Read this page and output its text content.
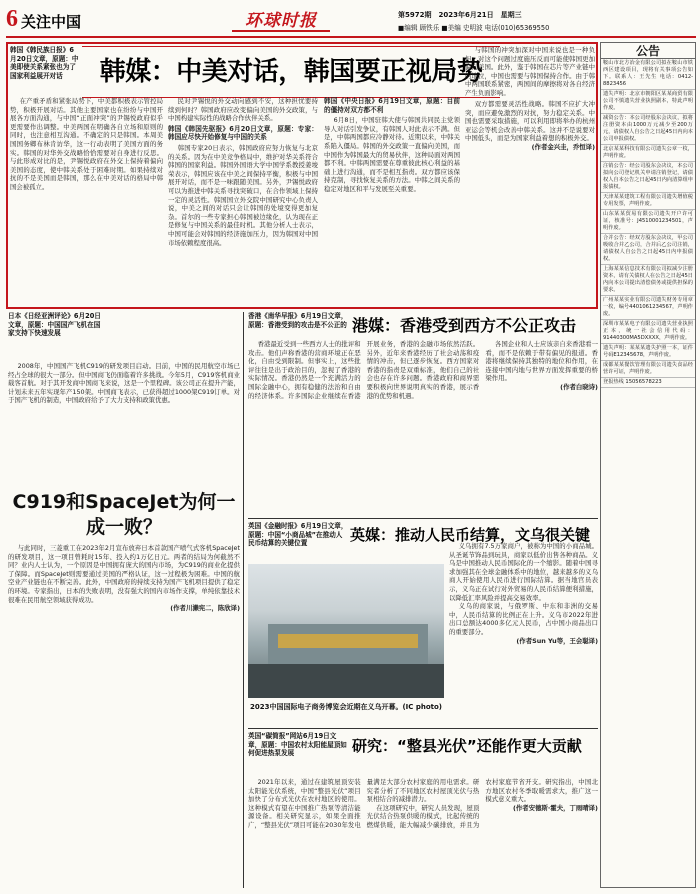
6 关注中国	环球时报	第5972期　2023年6月21日　星期三
■编辑 顾铁乐 ■美编 史明波 电话(010)65369550
韩媒：中美对话，韩国要正视局势
韩国《韩民族日报》6月20日文章，原题：中美即使关系紧张也为了国家利益展开对话

在产重矛盾和紧张局势下，中美都积极表示管控局势，积极开展对话。其他主要国家也在纷纷与中国开展各方面沟通，与中国“正面冲突”的尹锡悦政府似乎更需要作出调整。中美两国在明确各自立场和原则的同时，也注意相互沟通。不确定的只是韩国。本周美国国务卿布林肯访华，这一行动表明了美国方面的务实。韩国的对华外交战略恰恰需要对自身进行反思。与此形成对比的是，尹锡悦政府在外交上保持着偏向美国的态度，使中韩关系处于困难时期。如果持续对抗的不是美国而是韩国，那么在中美对话的格局中韩国会被孤立。

民对尹锡悦的外交动向感到不安，这种担忧要持续到何时？韩国政府应改变偏向美国的外交政策，与中国构建实际性的战略合作伙伴关系。

韩国《韩国先驱报》6月20日文章，原题：专家：韩国应尽快开始修复与中国的关系

韩国专家20日表示，韩国政府应努力恢复与北京的关系。因为在中美竞争格局中，维护对华关系符合韩国的国家利益。韩国外国语大学中国学系教授姜埈荣表示，韩国应该在中美之间保持平衡，积极与中国展开对话，而不是一味跟随美国。另外，尹锡悦政府可以为推进中韩关系寻找突破口，在合作领域上保持一定的灵活性。韩国国立外交院中国研究中心负责人说，中美之间的对话只会让韩国的处境变得更加复杂。首尔的一些专家担心韩国被边缘化，认为现在正是修复与中国关系的最佳时机。其他分析人士表示，中国可能会对韩国的经济施加压力，因为韩国对中国市场依赖程度很高。

韩国《中央日报》6月19日文章，原题：目前的僵持对双方都不利

6月8日，中国驻韩大使与韩国共同民主党领导人对话引发争议，有韩国人对此表示不满。但是，中韩两国都应冷静对待。近期以来，中韩关系陷入僵局。韩国的外交政策一直偏向美国，而中国作为韩国最大的贸易伙伴，这种局面对两国都不利。中韩两国需要在尊重彼此核心利益的基础上进行沟通，而不是相互指责。双方都应该保持克制，寻找恢复关系的方法。中韩之间关系的稳定对地区和平与发展至关重要。

与韩国的冲突加深对中国来说也是一种负担。对这个问题过度施压反而可能使韩国更加偏向美国。此外，鉴于韩国在芯片等产业链中的地位，中国也需要与韩国保持合作。由于韩中两国联系紧密，两国间的摩擦将对各自经济产生负面影响。

双方都需要灵活性战略。韩国不应扩大冲突，而应避免激烈的对抗，努力稳定关系。中国也需要采取措施，可以利用即将举办的杭州亚运会等机会改善中韩关系。这并不是说要对中国低头，而是为国家利益着想的积极外交。

(作者金兴圭，乔恒译)
公告
鞍山市北方冶金有限公司拟在鞍山市铁西区建设项目，现将有关事项公告如下。联系人：王先生 电话：0412-8823456
遗失声明：北京市朝阳区某某商贸有限公司不慎遗失营业执照副本，特此声明作废。
减资公告：本公司经股东会决议，拟将注册资本由1000万元减少至200万元，请债权人自公告之日起45日内向本公司申报债权。
北京某某科技有限公司遗失公章一枚，声明作废。
注销公告：经公司股东会决议，本公司拟向公司登记机关申请注销登记，请债权人自本公告之日起45日内向清算组申报债权。
天津某某建筑工程有限公司遗失增值税专用发票，声明作废。
山东某某贸易有限公司遗失开户许可证，核准号：J4510001234501，声明作废。
合并公告：经双方股东会决议，甲公司吸收合并乙公司，合并后乙公司注销，请债权人自公告之日起45日内申报债权。
上海某某信息技术有限公司拟减少注册资本，请有关债权人在公告之日起45日内向本公司提出清偿债务或提供担保的要求。
广州某某实业有限公司遗失财务专用章一枚，编号4401061234567，声明作废。
深圳市某某电子有限公司遗失营业执照正本，统一社会信用代码：91440300MA5DXXXX，声明作废。
遗失声明：某某某遗失护照一本，证件号码E12345678，声明作废。
成都某某餐饮管理有限公司遗失食品经营许可证，声明作废。
登报热线 15056578223
日本《日经亚洲评论》6月20日文章，原题：中国国产飞机在国家支持下快速发展

2008年，中国国产飞机C919的研发项目启动。目前，中国的民用航空市场已经占全球的很大一部分。但中国商飞仍面临着许多挑战。今年5月，C919客机商业载客首航。对于其开发商中国商飞来说，这是一个里程碑。该公司正在提升产能，计划未来五年实现年产150架。中国商飞表示，已获得超过1000架C919订单。对于国产飞机的制造，中国政府给予了大力支持和政策优惠。

C919和SpaceJet为何一成一败？

与此同时，三菱重工在2023年2月宣布放弃日本首款国产喷气式客机SpaceJet的研发项目，这一项目曾耗时15年、投入约1万亿日元。两者的结局为何截然不同？业内人士认为，一个原因是中国拥有庞大的国内市场，为C919的商业化提供了保障。而SpaceJet则需要通过美国的严格认证，这一过程极为困难。中国的航空业产业链也在不断完善。此外，中国政府的持续支持为国产飞机项目提供了稳定的环境。专家指出，日本的失败表明，没有强大的国内市场作支撑，单纯依靠技术很难在民用航空领域获得成功。

(作者川濑宪二，陈欣译)
香港《南华早报》6月19日文章，原题：香港受到的攻击是不公正的 港媒：香港受到西方不公正攻击

香港最近受到一些西方人士的批评和攻击。他们声称香港的营商环境正在恶化，自由受到限制。但事实上，这些批评往往是出于政治目的，忽视了香港的实际情况。香港仍然是一个充满活力的国际金融中心，拥有稳健的法治和自由的经济体系。许多国际企业继续在香港开展业务，香港的金融市场依然活跃。另外，近年来香港经历了社会动荡和疫情的冲击，但已逐步恢复。西方国家对香港的指责是双重标准，他们自己的社会也存在许多问题。香港政府和商界需要积极向世界说明真实的香港，展示香港的优势和机遇。

各国企业和人士应该亲自来香港看一看，而不是依赖于带有偏见的报道。香港将继续保持其独特的地位和作用，在连接中国内地与世界方面发挥重要的桥梁作用。

(作者白晓诗)
英国《金融时报》6月19日文章，原题：中国“小商品城”在推动人民币结算的关键位置	英媒：推动人民币结算，文乌很关键
2023中国国际电子商务博览会近期在义乌开幕。(IC photo)

义乌拥有7.5万家商户，被称为中国的小商品城。从圣诞节饰品到玩具，商家以低价出售各种商品。义乌是中国推动人民币国际化的一个缩影。随着中国寻求加强其在全球金融体系中的地位，越来越多的义乌商人开始使用人民币进行国际结算。据当地官员表示，义乌正在试行对外贸易的人民币结算便利措施，以降低汇率风险并提高交易效率。

义乌的商家说，与俄罗斯、中东和非洲的交易中，人民币结算的比例正在上升。义乌市2022年进出口总额达4000多亿元人民币，占中国小商品出口的重要部分。

(作者Sun Yu等，王会聪译)
英国“碳简报”网站6月19日文章，原题：中国农村太阳能屋顶如何促进热泵发展	研究：“整县光伏”还能作更大贡献

2021年以来，通过在建筑屋顶安装太阳能光伏系统，中国“整县光伏”项目加快了分布式光伏在农村地区的使用。这种模式有望在中国推广热泵等清洁能源设备。相关研究显示，如果全面推广，“整县光伏”项目可能在2030年发电量满足大部分农村家庭的用电需求。研究者分析了不同地区农村屋顶光伏与热泵相结合的减排潜力。

在这项研究中，研究人员发现，屋顶光伏结合热泵供暖的模式，比起传统的燃煤供暖，能大幅减少碳排放，并且为农村家庭节省开支。研究指出，中国北方地区农村冬季取暖需求大，推广这一模式意义重大。

(作者安德斯·霍夫，丁雨晴译)
